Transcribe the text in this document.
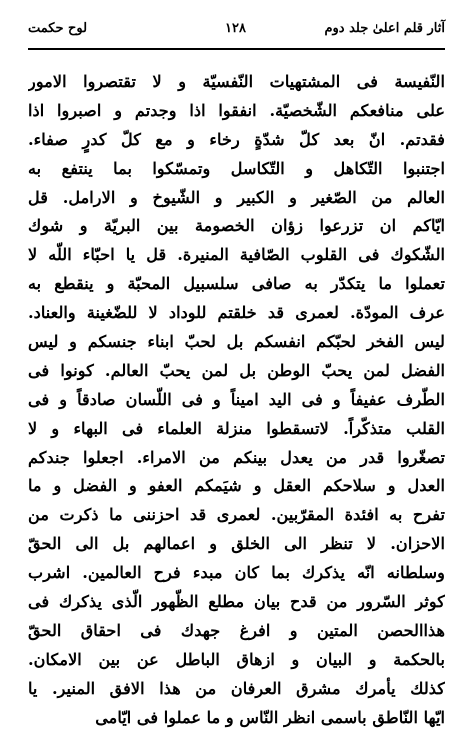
آثار قلم اعلیٰ جلد دوم
۱۲۸
لوح حکمت
النّفيسة فى المشتهيات النّفسيّة و لا تقتصروا الامور
على منافعكم الشّخصيّة. انفقوا اذا وجدتم و اصبروا اذا
فقدتم. انّ بعد كلّ شدّةٍ رخاء و مع كلّ كدرٍ صفاء.
اجتنبوا التّكاهل و التّكاسل وتمسّكوا بما ينتفع به
العالم من الصّغير و الكبير و الشّيوخ و الارامل. قل
ايّاكم ان تزرعوا زؤان الخصومة بين البريّة و شوك
الشّكوك فى القلوب الصّافية المنيرة. قل يا احبّاء اللّه لا
تعملوا ما يتكدّر به صافى سلسبيل المحبّة و ينقطع به
عرف المودّة. لعمرى قد خلقتم للوداد لا للضّغينة والعناد.
ليس الفخر لحبّكم انفسكم بل لحبّ ابناء جنسكم و ليس
الفضل لمن يحبّ الوطن بل لمن يحبّ العالم. كونوا فى
الطّرف عفيفاً و فى اليد اميناً و فى اللّسان صادقاً و فى
القلب متذكّراً. لاتسقطوا منزلة العلماء فى البهاء و لا
تصغّروا قدر من يعدل بينكم من الامراء. اجعلوا جندكم
العدل و سلاحكم العقل و شيَمكم العفو و الفضل و ما
تفرح به افئدة المقرّبين. لعمرى قد احزننى ما ذكرت من
الاحزان. لا تنظر الى الخلق و اعمالهم بل الى الحقّ
وسلطانه انّه يذكرك بما كان مبدء فرح العالمين. اشرب
كوثر السّرور من قدح بيان مطلع الظّهور الّذى يذكرك فى
هذاالحصن المتين و افرغ جهدك فى احقاق الحقّ
بالحكمة و البيان و ازهاق الباطل عن بين الامكان.
كذلك يأمرك مشرق العرفان من هذا الافق المنير. يا
ايّها النّاطق باسمى انظر النّاس و ما عملوا فى ايّامى
